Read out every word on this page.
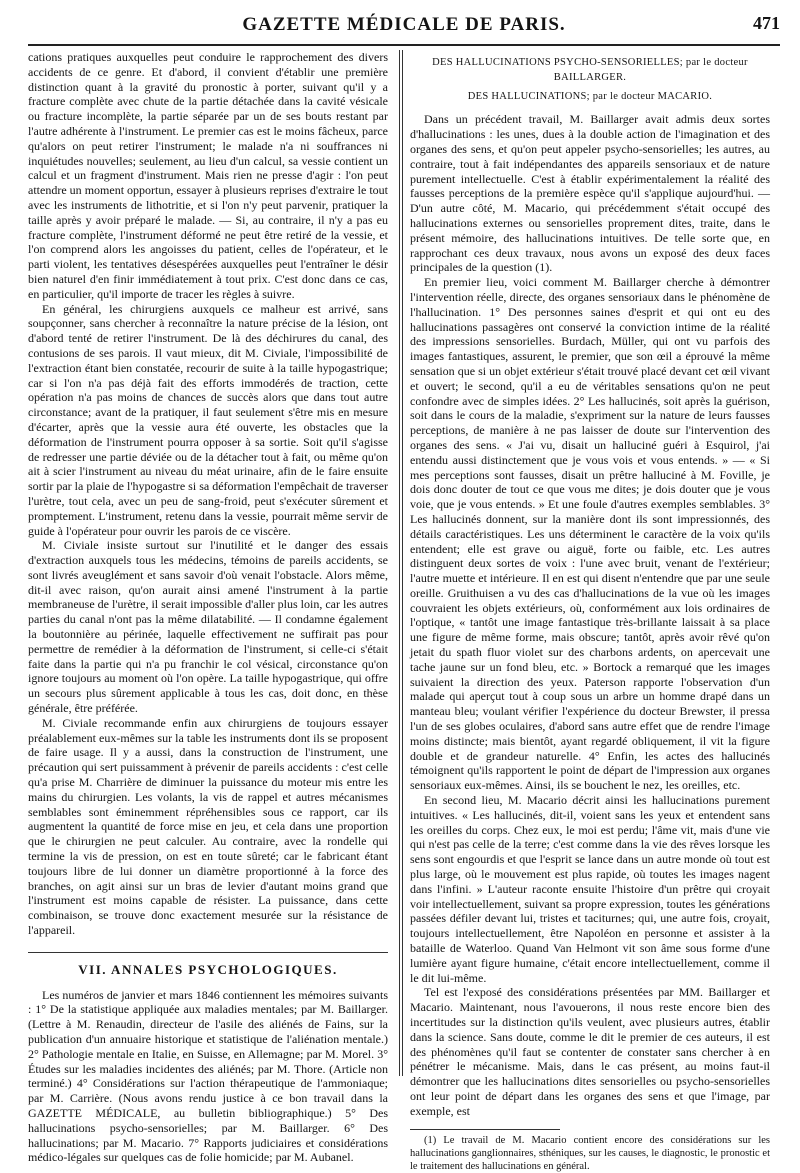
GAZETTE MÉDICALE DE PARIS.	471

cations pratiques auxquelles peut conduire le rapprochement des divers accidents de ce genre. Et d'abord, il convient d'établir une première distinction quant à la gravité du pronostic à porter, suivant qu'il y a fracture complète avec chute de la partie détachée dans la cavité vésicale ou fracture incomplète, la partie séparée par un de ses bouts restant par l'autre adhérente à l'instrument. Le premier cas est le moins fâcheux, parce qu'alors on peut retirer l'instrument; le malade n'a ni souffrances ni inquiétudes nouvelles; seulement, au lieu d'un calcul, sa vessie contient un calcul et un fragment d'instrument. Mais rien ne presse d'agir : l'on peut attendre un moment opportun, essayer à plusieurs reprises d'extraire le tout avec les instruments de lithotritie, et si l'on n'y peut parvenir, pratiquer la taille après y avoir préparé le malade. — Si, au contraire, il n'y a pas eu fracture complète, l'instrument déformé ne peut être retiré de la vessie, et l'on comprend alors les angoisses du patient, celles de l'opérateur, et le parti violent, les tentatives désespérées auxquelles peut l'entraîner le désir bien naturel d'en finir immédiatement à tout prix. C'est donc dans ce cas, en particulier, qu'il importe de tracer les règles à suivre.

En général, les chirurgiens auxquels ce malheur est arrivé, sans soupçonner, sans chercher à reconnaître la nature précise de la lésion, ont d'abord tenté de retirer l'instrument. De là des déchirures du canal, des contusions de ses parois. Il vaut mieux, dit M. Civiale, l'impossibilité de l'extraction étant bien constatée, recourir de suite à la taille hypogastrique; car si l'on n'a pas déjà fait des efforts immodérés de traction, cette opération n'a pas moins de chances de succès alors que dans tout autre circonstance; avant de la pratiquer, il faut seulement s'être mis en mesure d'écarter, après que la vessie aura été ouverte, les obstacles que la déformation de l'instrument pourra opposer à sa sortie. Soit qu'il s'agisse de redresser une partie déviée ou de la détacher tout à fait, ou même qu'on ait à scier l'instrument au niveau du méat urinaire, afin de le faire ensuite sortir par la plaie de l'hypogastre si sa déformation l'empêchait de traverser l'urètre, tout cela, avec un peu de sang-froid, peut s'exécuter sûrement et promptement. L'instrument, retenu dans la vessie, pourrait même servir de guide à l'opérateur pour ouvrir les parois de ce viscère.

M. Civiale insiste surtout sur l'inutilité et le danger des essais d'extraction auxquels tous les médecins, témoins de pareils accidents, se sont livrés aveuglément et sans savoir d'où venait l'obstacle. Alors même, dit-il avec raison, qu'on aurait ainsi amené l'instrument à la partie membraneuse de l'urètre, il serait impossible d'aller plus loin, car les autres parties du canal n'ont pas la même dilatabilité. — Il condamne également la boutonnière au périnée, laquelle effectivement ne suffirait pas pour permettre de remédier à la déformation de l'instrument, si celle-ci s'était faite dans la partie qui n'a pu franchir le col vésical, circonstance qu'on ignore toujours au moment où l'on opère. La taille hypogastrique, qui offre un secours plus sûrement applicable à tous les cas, doit donc, en thèse générale, être préférée.

M. Civiale recommande enfin aux chirurgiens de toujours essayer préalablement eux-mêmes sur la table les instruments dont ils se proposent de faire usage. Il y a aussi, dans la construction de l'instrument, une précaution qui sert puissamment à prévenir de pareils accidents : c'est celle qu'a prise M. Charrière de diminuer la puissance du moteur mis entre les mains du chirurgien. Les volants, la vis de rappel et autres mécanismes semblables sont éminemment répréhensibles sous ce rapport, car ils augmentent la quantité de force mise en jeu, et cela dans une proportion que le chirurgien ne peut calculer. Au contraire, avec la rondelle qui termine la vis de pression, on est en toute sûreté; car le fabricant étant toujours libre de lui donner un diamètre proportionné à la force des branches, on agit ainsi sur un bras de levier d'autant moins grand que l'instrument est moins capable de résister. La puissance, dans cette combinaison, se trouve donc exactement mesurée sur la résistance de l'appareil.

VII. ANNALES PSYCHOLOGIQUES.

Les numéros de janvier et mars 1846 contiennent les mémoires suivants : 1° De la statistique appliquée aux maladies mentales; par M. Baillarger. (Lettre à M. Renaudin, directeur de l'asile des aliénés de Fains, sur la publication d'un annuaire historique et statistique de l'aliénation mentale.) 2° Pathologie mentale en Italie, en Suisse, en Allemagne; par M. Morel. 3° Études sur les maladies incidentes des aliénés; par M. Thore. (Article non terminé.) 4° Considérations sur l'action thérapeutique de l'ammoniaque; par M. Carrière. (Nous avons rendu justice à ce bon travail dans la GAZETTE MÉDICALE, au bulletin bibliographique.) 5° Des hallucinations psycho-sensorielles; par M. Baillarger. 6° Des hallucinations; par M. Macario. 7° Rapports judiciaires et considérations médico-légales sur quelques cas de folie homicide; par M. Aubanel.

DES HALLUCINATIONS PSYCHO-SENSORIELLES; par le docteur BAILLARGER.
DES HALLUCINATIONS; par le docteur MACARIO.

Dans un précédent travail, M. Baillarger avait admis deux sortes d'hallucinations : les unes, dues à la double action de l'imagination et des organes des sens, et qu'on peut appeler psycho-sensorielles; les autres, au contraire, tout à fait indépendantes des appareils sensoriaux et de nature purement intellectuelle. C'est à établir expérimentalement la réalité des fausses perceptions de la première espèce qu'il s'applique aujourd'hui. — D'un autre côté, M. Macario, qui précédemment s'était occupé des hallucinations externes ou sensorielles proprement dites, traite, dans le présent mémoire, des hallucinations intuitives. De telle sorte que, en rapprochant ces deux travaux, nous avons un exposé des deux faces principales de la question (1).

En premier lieu, voici comment M. Baillarger cherche à démontrer l'intervention réelle, directe, des organes sensoriaux dans le phénomène de l'hallucination. 1° Des personnes saines d'esprit et qui ont eu des hallucinations passagères ont conservé la conviction intime de la réalité des impressions sensorielles. Burdach, Müller, qui ont vu parfois des images fantastiques, assurent, le premier, que son œil a éprouvé la même sensation que si un objet extérieur s'était trouvé placé devant cet œil vivant et ouvert; le second, qu'il a eu de véritables sensations qu'on ne peut confondre avec de simples idées. 2° Les hallucinés, soit après la guérison, soit dans le cours de la maladie, s'expriment sur la nature de leurs fausses perceptions, de manière à ne pas laisser de doute sur l'intervention des organes des sens. « J'ai vu, disait un halluciné guéri à Esquirol, j'ai entendu aussi distinctement que je vous vois et vous entends. » — « Si mes perceptions sont fausses, disait un prêtre halluciné à M. Foville, je dois donc douter de tout ce que vous me dites; je dois douter que je vous voie, que je vous entends. » Et une foule d'autres exemples semblables. 3° Les hallucinés donnent, sur la manière dont ils sont impressionnés, des détails caractéristiques. Les uns déterminent le caractère de la voix qu'ils entendent; elle est grave ou aiguë, forte ou faible, etc. Les autres distinguent deux sortes de voix : l'une avec bruit, venant de l'extérieur; l'autre muette et intérieure. Il en est qui disent n'entendre que par une seule oreille. Gruithuisen a vu des cas d'hallucinations de la vue où les images couvraient les objets extérieurs, où, conformément aux lois ordinaires de l'optique, « tantôt une image fantastique très-brillante laissait à sa place une figure de même forme, mais obscure; tantôt, après avoir rêvé qu'on jetait du spath fluor violet sur des charbons ardents, on apercevait une tache jaune sur un fond bleu, etc. » Bortock a remarqué que les images suivaient la direction des yeux. Paterson rapporte l'observation d'un malade qui aperçut tout à coup sous un arbre un homme drapé dans un manteau bleu; voulant vérifier l'expérience du docteur Brewster, il pressa l'un de ses globes oculaires, d'abord sans autre effet que de rendre l'image moins distincte; mais bientôt, ayant regardé obliquement, il vit la figure double et de grandeur naturelle. 4° Enfin, les actes des hallucinés témoignent qu'ils rapportent le point de départ de l'impression aux organes sensoriaux eux-mêmes. Ainsi, ils se bouchent le nez, les oreilles, etc.

En second lieu, M. Macario décrit ainsi les hallucinations purement intuitives. « Les hallucinés, dit-il, voient sans les yeux et entendent sans les oreilles du corps. Chez eux, le moi est perdu; l'âme vit, mais d'une vie qui n'est pas celle de la terre; c'est comme dans la vie des rêves lorsque les sens sont engourdis et que l'esprit se lance dans un autre monde où tout est plus large, où le mouvement est plus rapide, où toutes les images nagent dans l'infini. » L'auteur raconte ensuite l'histoire d'un prêtre qui croyait voir intellectuellement, suivant sa propre expression, toutes les générations passées défiler devant lui, tristes et taciturnes; qui, une autre fois, croyait, toujours intellectuellement, être Napoléon en personne et assister à la bataille de Waterloo. Quand Van Helmont vit son âme sous forme d'une lumière ayant figure humaine, c'était encore intellectuellement, comme il le dit lui-même.

Tel est l'exposé des considérations présentées par MM. Baillarger et Macario. Maintenant, nous l'avouerons, il nous reste encore bien des incertitudes sur la distinction qu'ils veulent, avec plusieurs autres, établir dans la science. Sans doute, comme le dit le premier de ces auteurs, il est des phénomènes qu'il faut se contenter de constater sans chercher à en pénétrer le mécanisme. Mais, dans le cas présent, au moins faut-il démontrer que les hallucinations dites sensorielles ou psycho-sensorielles ont leur point de départ dans les organes des sens et que l'image, par exemple, est

(1) Le travail de M. Macario contient encore des considérations sur les hallucinations ganglionnaires, sthéniques, sur les causes, le diagnostic, le pronostic et le traitement des hallucinations en général.
